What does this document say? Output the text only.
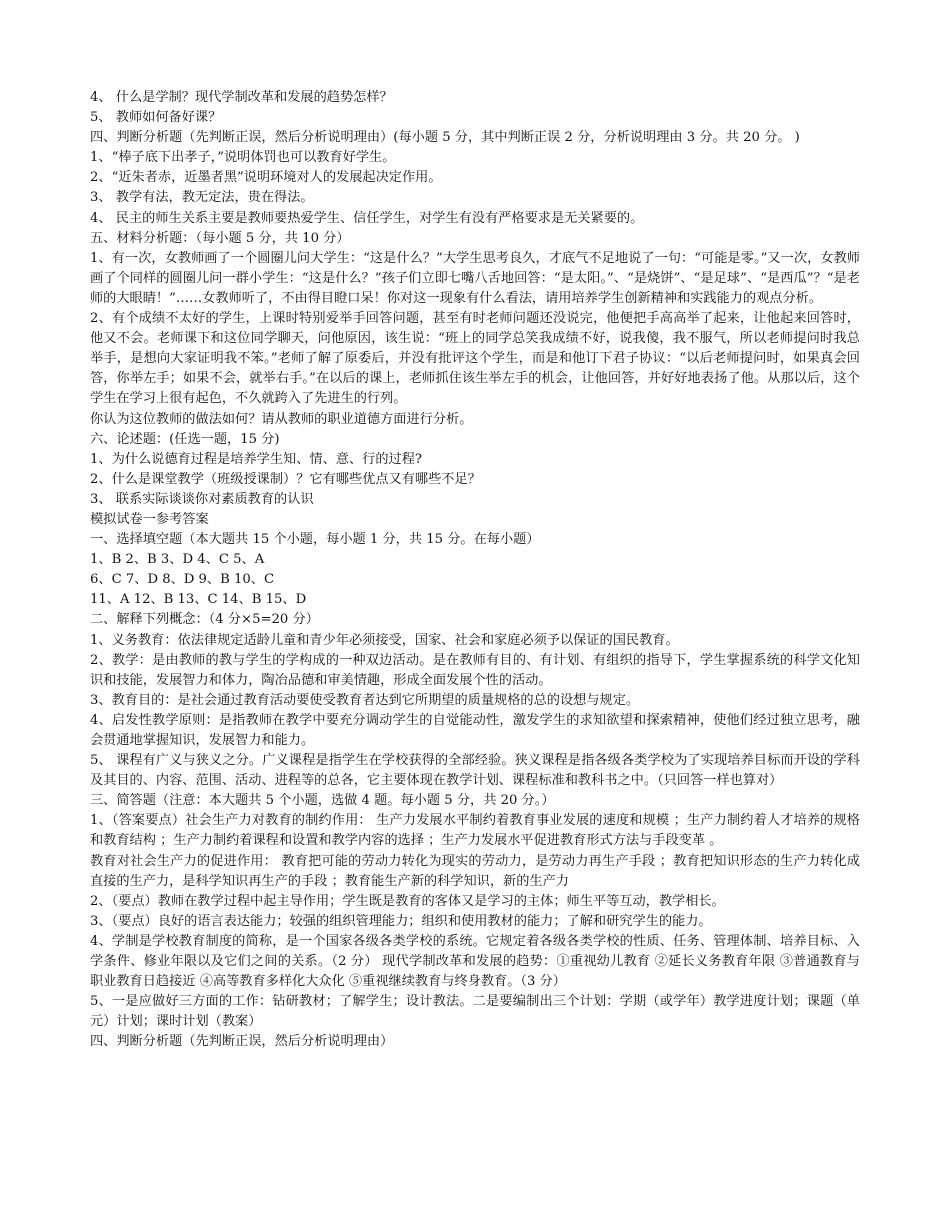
4、 什么是学制？现代学制改革和发展的趋势怎样？

5、 教师如何备好课？

四、判断分析题（先判断正误，然后分析说明理由）(每小题 5 分，其中判断正误 2 分，分析说明理由 3 分。共 20 分。 )

1、“棒子底下出孝子，”说明体罚也可以教育好学生。

2、“近朱者赤，近墨者黑”说明环境对人的发展起决定作用。

3、 教学有法，教无定法，贵在得法。

4、 民主的师生关系主要是教师要热爱学生、信任学生，对学生有没有严格要求是无关紧要的。

五、材料分析题：（每小题 5 分，共 10 分）

1、有一次，女教师画了一个圆圈儿问大学生：“这是什么？”大学生思考良久，才底气不足地说了一句：“可能是零。”又一次，女教师画了个同样的圆圈儿问一群小学生：“这是什么？”孩子们立即七嘴八舌地回答：“是太阳。”、“是烧饼”、“是足球”、“是西瓜”？“是老师的大眼睛！”……女教师听了，不由得目瞪口呆！你对这一现象有什么看法，请用培养学生创新精神和实践能力的观点分析。

2、有个成绩不太好的学生，上课时特别爱举手回答问题，甚至有时老师问题还没说完，他便把手高高举了起来，让他起来回答时，他又不会。老师课下和这位同学聊天，问他原因，该生说：“班上的同学总笑我成绩不好，说我傻，我不服气，所以老师提问时我总举手，是想向大家证明我不笨。”老师了解了原委后，并没有批评这个学生，而是和他订下君子协议：“以后老师提问时，如果真会回答，你举左手；如果不会，就举右手。”在以后的课上，老师抓住该生举左手的机会，让他回答，并好好地表扬了他。从那以后，这个学生在学习上很有起色，不久就跨入了先进生的行列。

你认为这位教师的做法如何？请从教师的职业道德方面进行分析。

六、论述题：(任选一题，15 分)

1、为什么说德育过程是培养学生知、情、意、行的过程?

2、什么是课堂教学（班级授课制）？它有哪些优点又有哪些不足？

3、 联系实际谈谈你对素质教育的认识

模拟试卷一参考答案

一、选择填空题（本大题共 15 个小题，每小题 1 分，共 15 分。在每小题）

1、B 2、B 3、D 4、C 5、A

6、C 7、D 8、D 9、B 10、C

11、A 12、B 13、C 14、B 15、D

二、解释下列概念：（4 分×5=20 分）

1、义务教育：依法律规定适龄儿童和青少年必须接受，国家、社会和家庭必须予以保证的国民教育。

2、教学：是由教师的教与学生的学构成的一种双边活动。是在教师有目的、有计划、有组织的指导下，学生掌握系统的科学文化知识和技能，发展智力和体力，陶冶品德和审美情趣，形成全面发展个性的活动。

3、教育目的：是社会通过教育活动要使受教育者达到它所期望的质量规格的总的设想与规定。

4、启发性教学原则：是指教师在教学中要充分调动学生的自觉能动性，激发学生的求知欲望和探索精神，使他们经过独立思考，融会贯通地掌握知识，发展智力和能力。

5、 课程有广义与狭义之分。广义课程是指学生在学校获得的全部经验。狭义课程是指各级各类学校为了实现培养目标而开设的学科及其目的、内容、范围、活动、进程等的总各，它主要体现在教学计划、课程标准和教科书之中。（只回答一样也算对）

三、简答题（注意：本大题共 5 个小题，选做 4 题。每小题 5 分，共 20 分。）

1、（答案要点）社会生产力对教育的制约作用： 生产力发展水平制约着教育事业发展的速度和规模 ；生产力制约着人才培养的规格和教育结构 ；生产力制约着课程和设置和教学内容的选择 ；生产力发展水平促进教育形式方法与手段变革 。

教育对社会生产力的促进作用： 教育把可能的劳动力转化为现实的劳动力，是劳动力再生产手段 ；教育把知识形态的生产力转化成直接的生产力，是科学知识再生产的手段 ；教育能生产新的科学知识，新的生产力

2、（要点）教师在教学过程中起主导作用；学生既是教育的客体又是学习的主体；师生平等互动，教学相长。

3、（要点）良好的语言表达能力；较强的组织管理能力；组织和使用教材的能力；了解和研究学生的能力。

4、学制是学校教育制度的简称，是一个国家各级各类学校的系统。它规定着各级各类学校的性质、任务、管理体制、培养目标、入学条件、修业年限以及它们之间的关系。（2 分） 现代学制改革和发展的趋势：①重视幼儿教育 ②延长义务教育年限 ③普通教育与职业教育日趋接近 ④高等教育多样化大众化 ⑤重视继续教育与终身教育。（3 分）

5、一是应做好三方面的工作：钻研教材；了解学生；设计教法。二是要编制出三个计划：学期（或学年）教学进度计划；课题（单元）计划；课时计划（教案）

四、判断分析题（先判断正误，然后分析说明理由）
